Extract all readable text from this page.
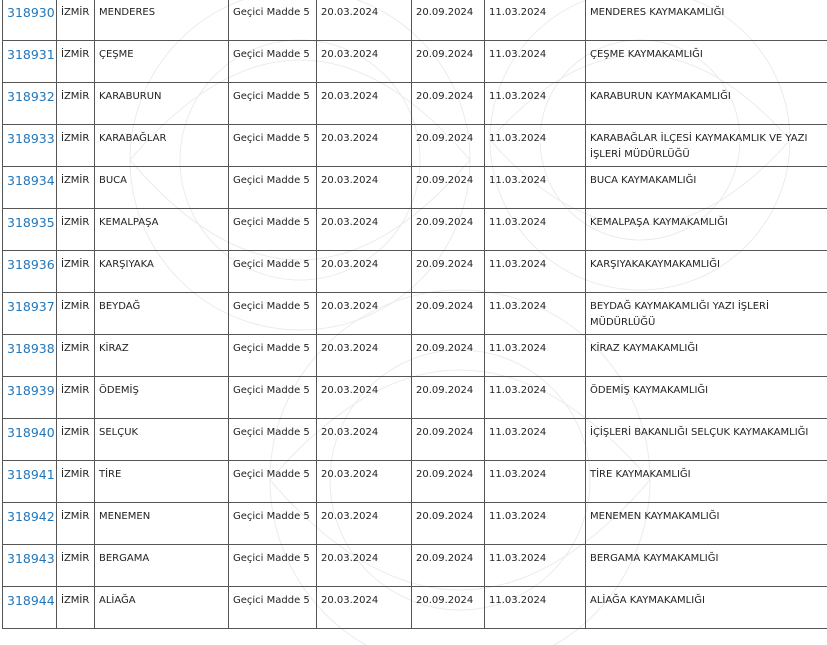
318930	İZMİR	MENDERES	Geçici Madde 5	20.03.2024	20.09.2024	11.03.2024	MENDERES KAYMAKAMLIĞI
318931	İZMİR	ÇEŞME	Geçici Madde 5	20.03.2024	20.09.2024	11.03.2024	ÇEŞME KAYMAKAMLIĞI
318932	İZMİR	KARABURUN	Geçici Madde 5	20.03.2024	20.09.2024	11.03.2024	KARABURUN KAYMAKAMLIĞI
318933	İZMİR	KARABAĞLAR	Geçici Madde 5	20.03.2024	20.09.2024	11.03.2024	KARABAĞLAR İLÇESİ KAYMAKAMLIK VE YAZI İŞLERİ MÜDÜRLÜĞÜ
318934	İZMİR	BUCA	Geçici Madde 5	20.03.2024	20.09.2024	11.03.2024	BUCA KAYMAKAMLIĞI
318935	İZMİR	KEMALPAŞA	Geçici Madde 5	20.03.2024	20.09.2024	11.03.2024	KEMALPAŞA KAYMAKAMLIĞI
318936	İZMİR	KARŞIYAKA	Geçici Madde 5	20.03.2024	20.09.2024	11.03.2024	KARŞIYAKAKAYMAKAMLIĞI
318937	İZMİR	BEYDAĞ	Geçici Madde 5	20.03.2024	20.09.2024	11.03.2024	BEYDAĞ KAYMAKAMLIĞI YAZI İŞLERİ MÜDÜRLÜĞÜ
318938	İZMİR	KİRAZ	Geçici Madde 5	20.03.2024	20.09.2024	11.03.2024	KİRAZ KAYMAKAMLIĞI
318939	İZMİR	ÖDEMİŞ	Geçici Madde 5	20.03.2024	20.09.2024	11.03.2024	ÖDEMİŞ KAYMAKAMLIĞI
318940	İZMİR	SELÇUK	Geçici Madde 5	20.03.2024	20.09.2024	11.03.2024	İÇİŞLERİ BAKANLIĞI SELÇUK KAYMAKAMLIĞI
318941	İZMİR	TİRE	Geçici Madde 5	20.03.2024	20.09.2024	11.03.2024	TİRE KAYMAKAMLIĞI
318942	İZMİR	MENEMEN	Geçici Madde 5	20.03.2024	20.09.2024	11.03.2024	MENEMEN KAYMAKAMLIĞI
318943	İZMİR	BERGAMA	Geçici Madde 5	20.03.2024	20.09.2024	11.03.2024	BERGAMA KAYMAKAMLIĞI
318944	İZMİR	ALİAĞA	Geçici Madde 5	20.03.2024	20.09.2024	11.03.2024	ALİAĞA KAYMAKAMLIĞI
